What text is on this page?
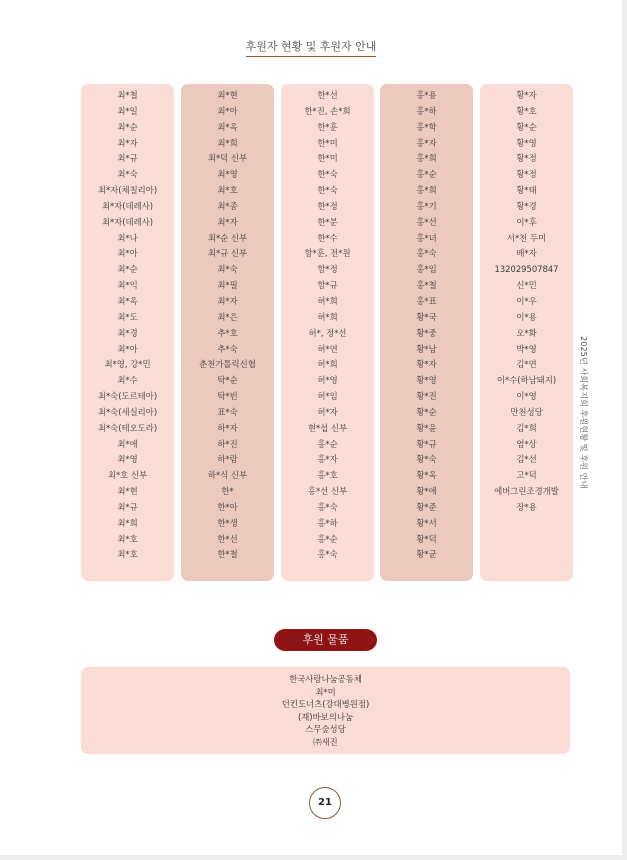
후원자 현황 및 후원자 안내
최*철
최*일
최*순
최*자
최*규
최*숙
최*자(체칠리아)
최*자(데레사)
최*자(데레사)
최*나
최*아
최*순
최*익
최*옥
최*도
최*경
최*아
최*영, 강*민
최*수
최*숙(도르테아)
최*숙(세실리아)
최*숙(테오도라)
최*애
최*영
최*호 신부
최*현
최*규
최*희
최*호
최*호
최*현
최*아
최*옥
최*희
최*덕 신부
최*영
최*호
최*종
최*자
최*순 신부
최*규 신부
최*숙
최*필
최*자
최*은
추*호
추*숙
춘천가톨릭신협
탁*순
탁*빈
표*숙
하*자
하*진
하*람
하*식 신부
한*
한*아
한*생
한*선
한*철
한*선
한*진, 손*희
한*훈
한*미
한*미
한*숙
한*숙
한*정
한*분
한*수
함*훈, 전*원
함*정
함*규
허*희
허*희
허*, 정*선
허*연
허*희
허*영
허*임
허*자
현*섭 신부
홍*순
홍*자
홍*호
홍*선 신부
홍*숙
홍*하
홍*순
홍*숙
홍*용
홍*하
홍*학
홍*자
홍*희
홍*순
홍*희
홍*기
홍*선
홍*녀
홍*숙
홍*임
홍*철
홍*표
황*국
황*중
황*남
황*자
황*영
황*진
황*순
황*윤
황*규
황*숙
황*옥
황*애
황*준
황*서
황*덕
황*균
황*자
황*호
황*순
황*영
황*정
황*정
황*태
황*경
이*후
서*천 두미
배*자
132029507847
신*민
이*우
이*용
오*화
박*영
김*연
이*수(하남돼지)
이*영
만천성당
김*희
엄*상
김*선
고*덕
에버그린조경개발
장*용
2025년 사회복지회 후원현황 및 후원 안내
후원 물품
한국사랑나눔공동체
최*미
던킨도너츠(강대병원점)
(재)바보의나눔
스무숲성당
㈜새진
21
